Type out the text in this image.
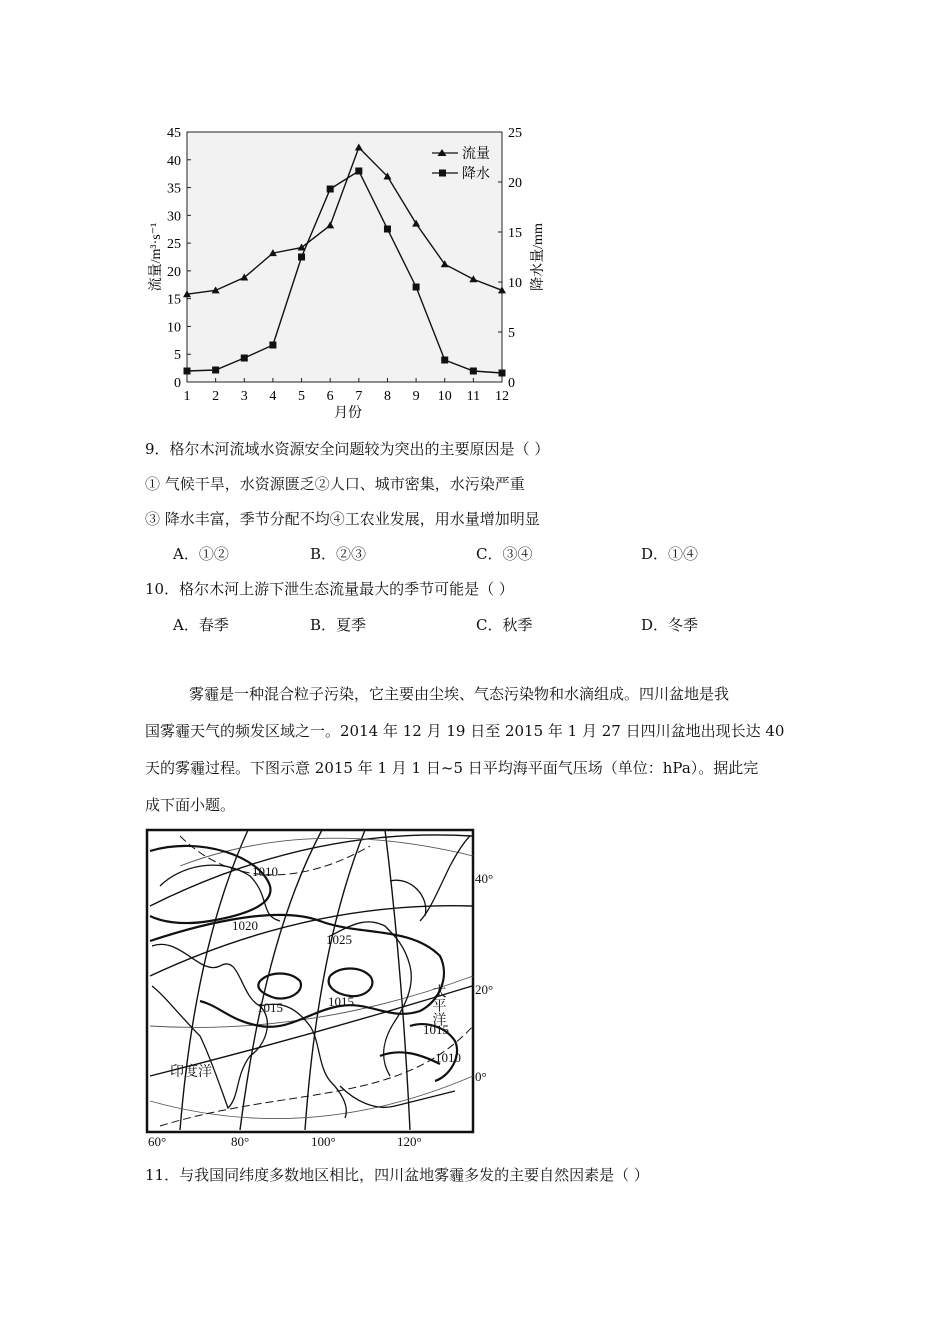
0
5
10
15
20
25
30
35
40
45
0
5
10
15
20
25
1 2 3 4 5 6 7 8 9 10 11 12
流量/m³·s⁻¹	降水量/mm
月份
流量
降水
9．格尔木河流域水资源安全问题较为突出的主要原因是（ ）
① 气候干旱，水资源匮乏②人口、城市密集，水污染严重
③ 降水丰富，季节分配不均④工农业发展，用水量增加明显
A．①②	B．②③	C．③④	D．①④
10．格尔木河上游下泄生态流量最大的季节可能是（ ）
A．春季	B．夏季	C．秋季	D．冬季

雾霾是一种混合粒子污染，它主要由尘埃、气态污染物和水滴组成。四川盆地是我

国雾霾天气的频发区域之一。2014 年 12 月 19 日至 2015 年 1 月 27 日四川盆地出现长达 40

天的雾霾过程。下图示意 2015 年 1 月 1 日~5 日平均海平面气压场（单位：hPa）。据此完

成下面小题。

1010
1020
1025
1015	1015
1015
1010
太平洋
印度洋
40°
20°
0°
60°	80°	100°	120°
11．与我国同纬度多数地区相比，四川盆地雾霾多发的主要自然因素是（ ）
